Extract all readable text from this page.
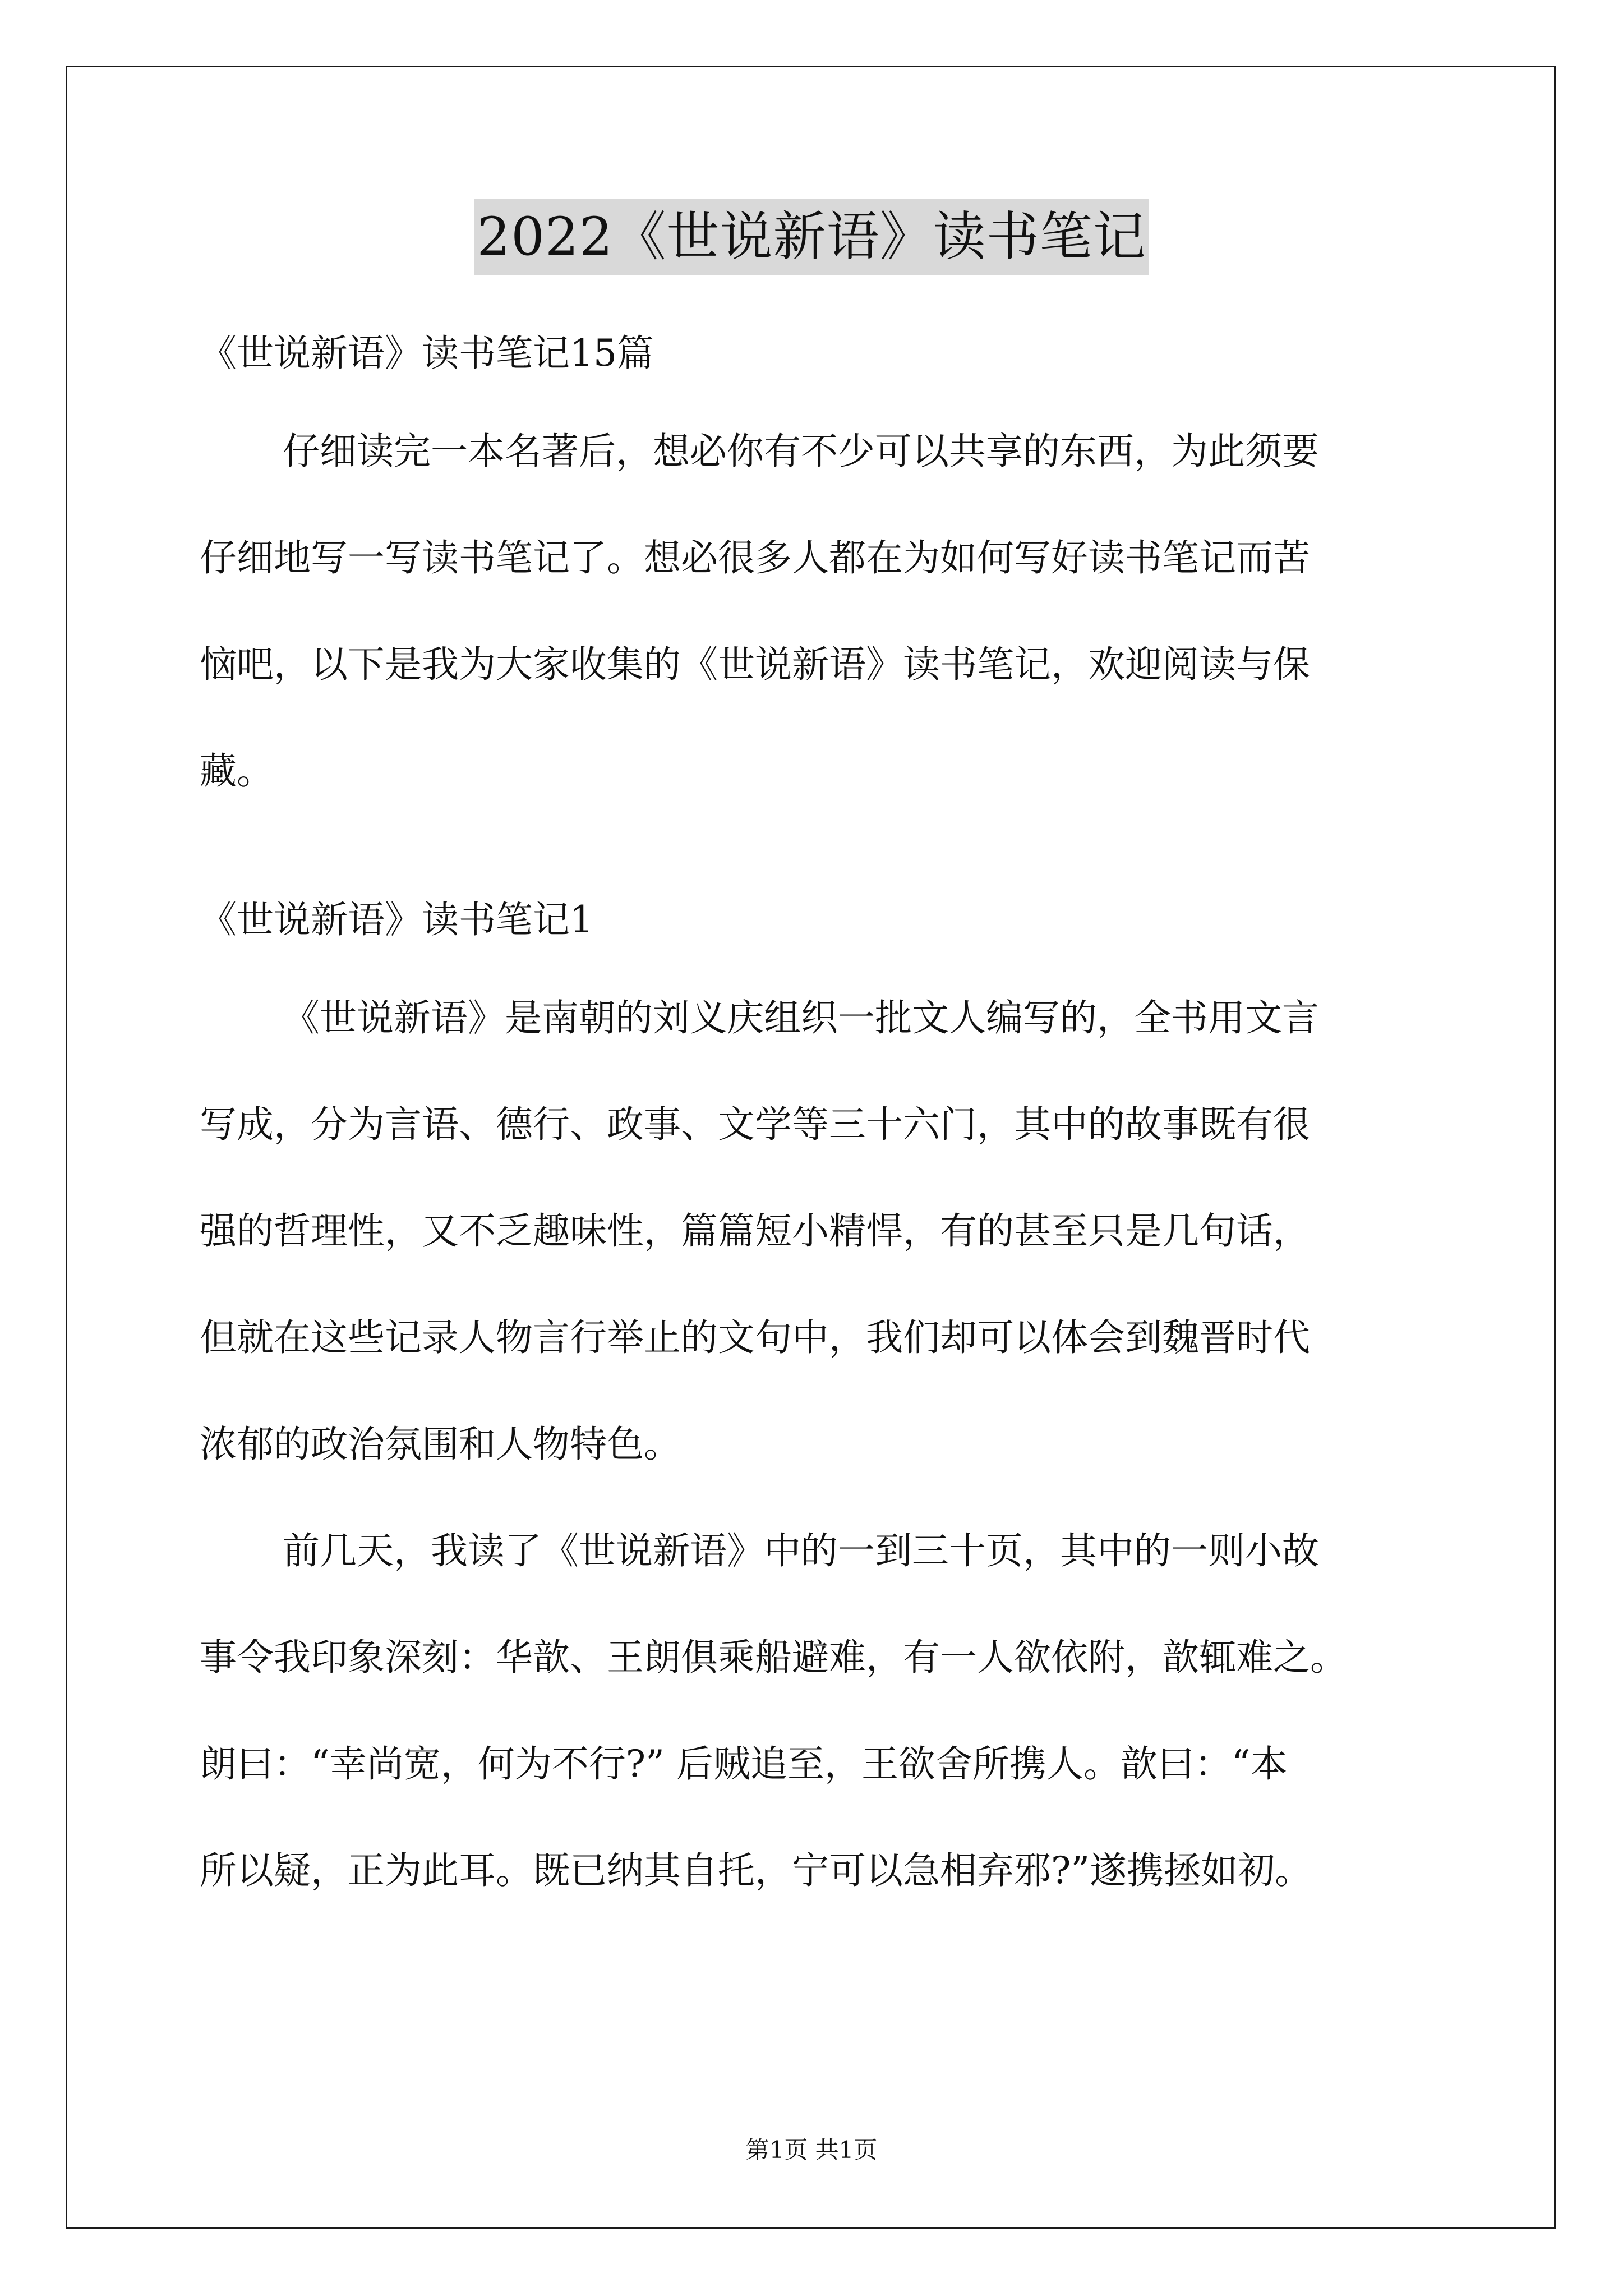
2022《世说新语》读书笔记
《世说新语》读书笔记15篇
仔细读完一本名著后，想必你有不少可以共享的东西，为此须要
仔细地写一写读书笔记了。想必很多人都在为如何写好读书笔记而苦
恼吧，以下是我为大家收集的《世说新语》读书笔记，欢迎阅读与保
藏。
《世说新语》读书笔记1
《世说新语》是南朝的刘义庆组织一批文人编写的，全书用文言
写成，分为言语、德行、政事、文学等三十六门，其中的故事既有很
强的哲理性，又不乏趣味性，篇篇短小精悍，有的甚至只是几句话，
但就在这些记录人物言行举止的文句中，我们却可以体会到魏晋时代
浓郁的政治氛围和人物特色。
前几天，我读了《世说新语》中的一到三十页，其中的一则小故
事令我印象深刻：华歆、王朗俱乘船避难，有一人欲依附，歆辄难之。
朗曰：“幸尚宽，何为不行?” 后贼追至，王欲舍所携人。歆曰：“本
所以疑，正为此耳。既已纳其自托，宁可以急相弃邪?”遂携拯如初。
第1页 共1页
